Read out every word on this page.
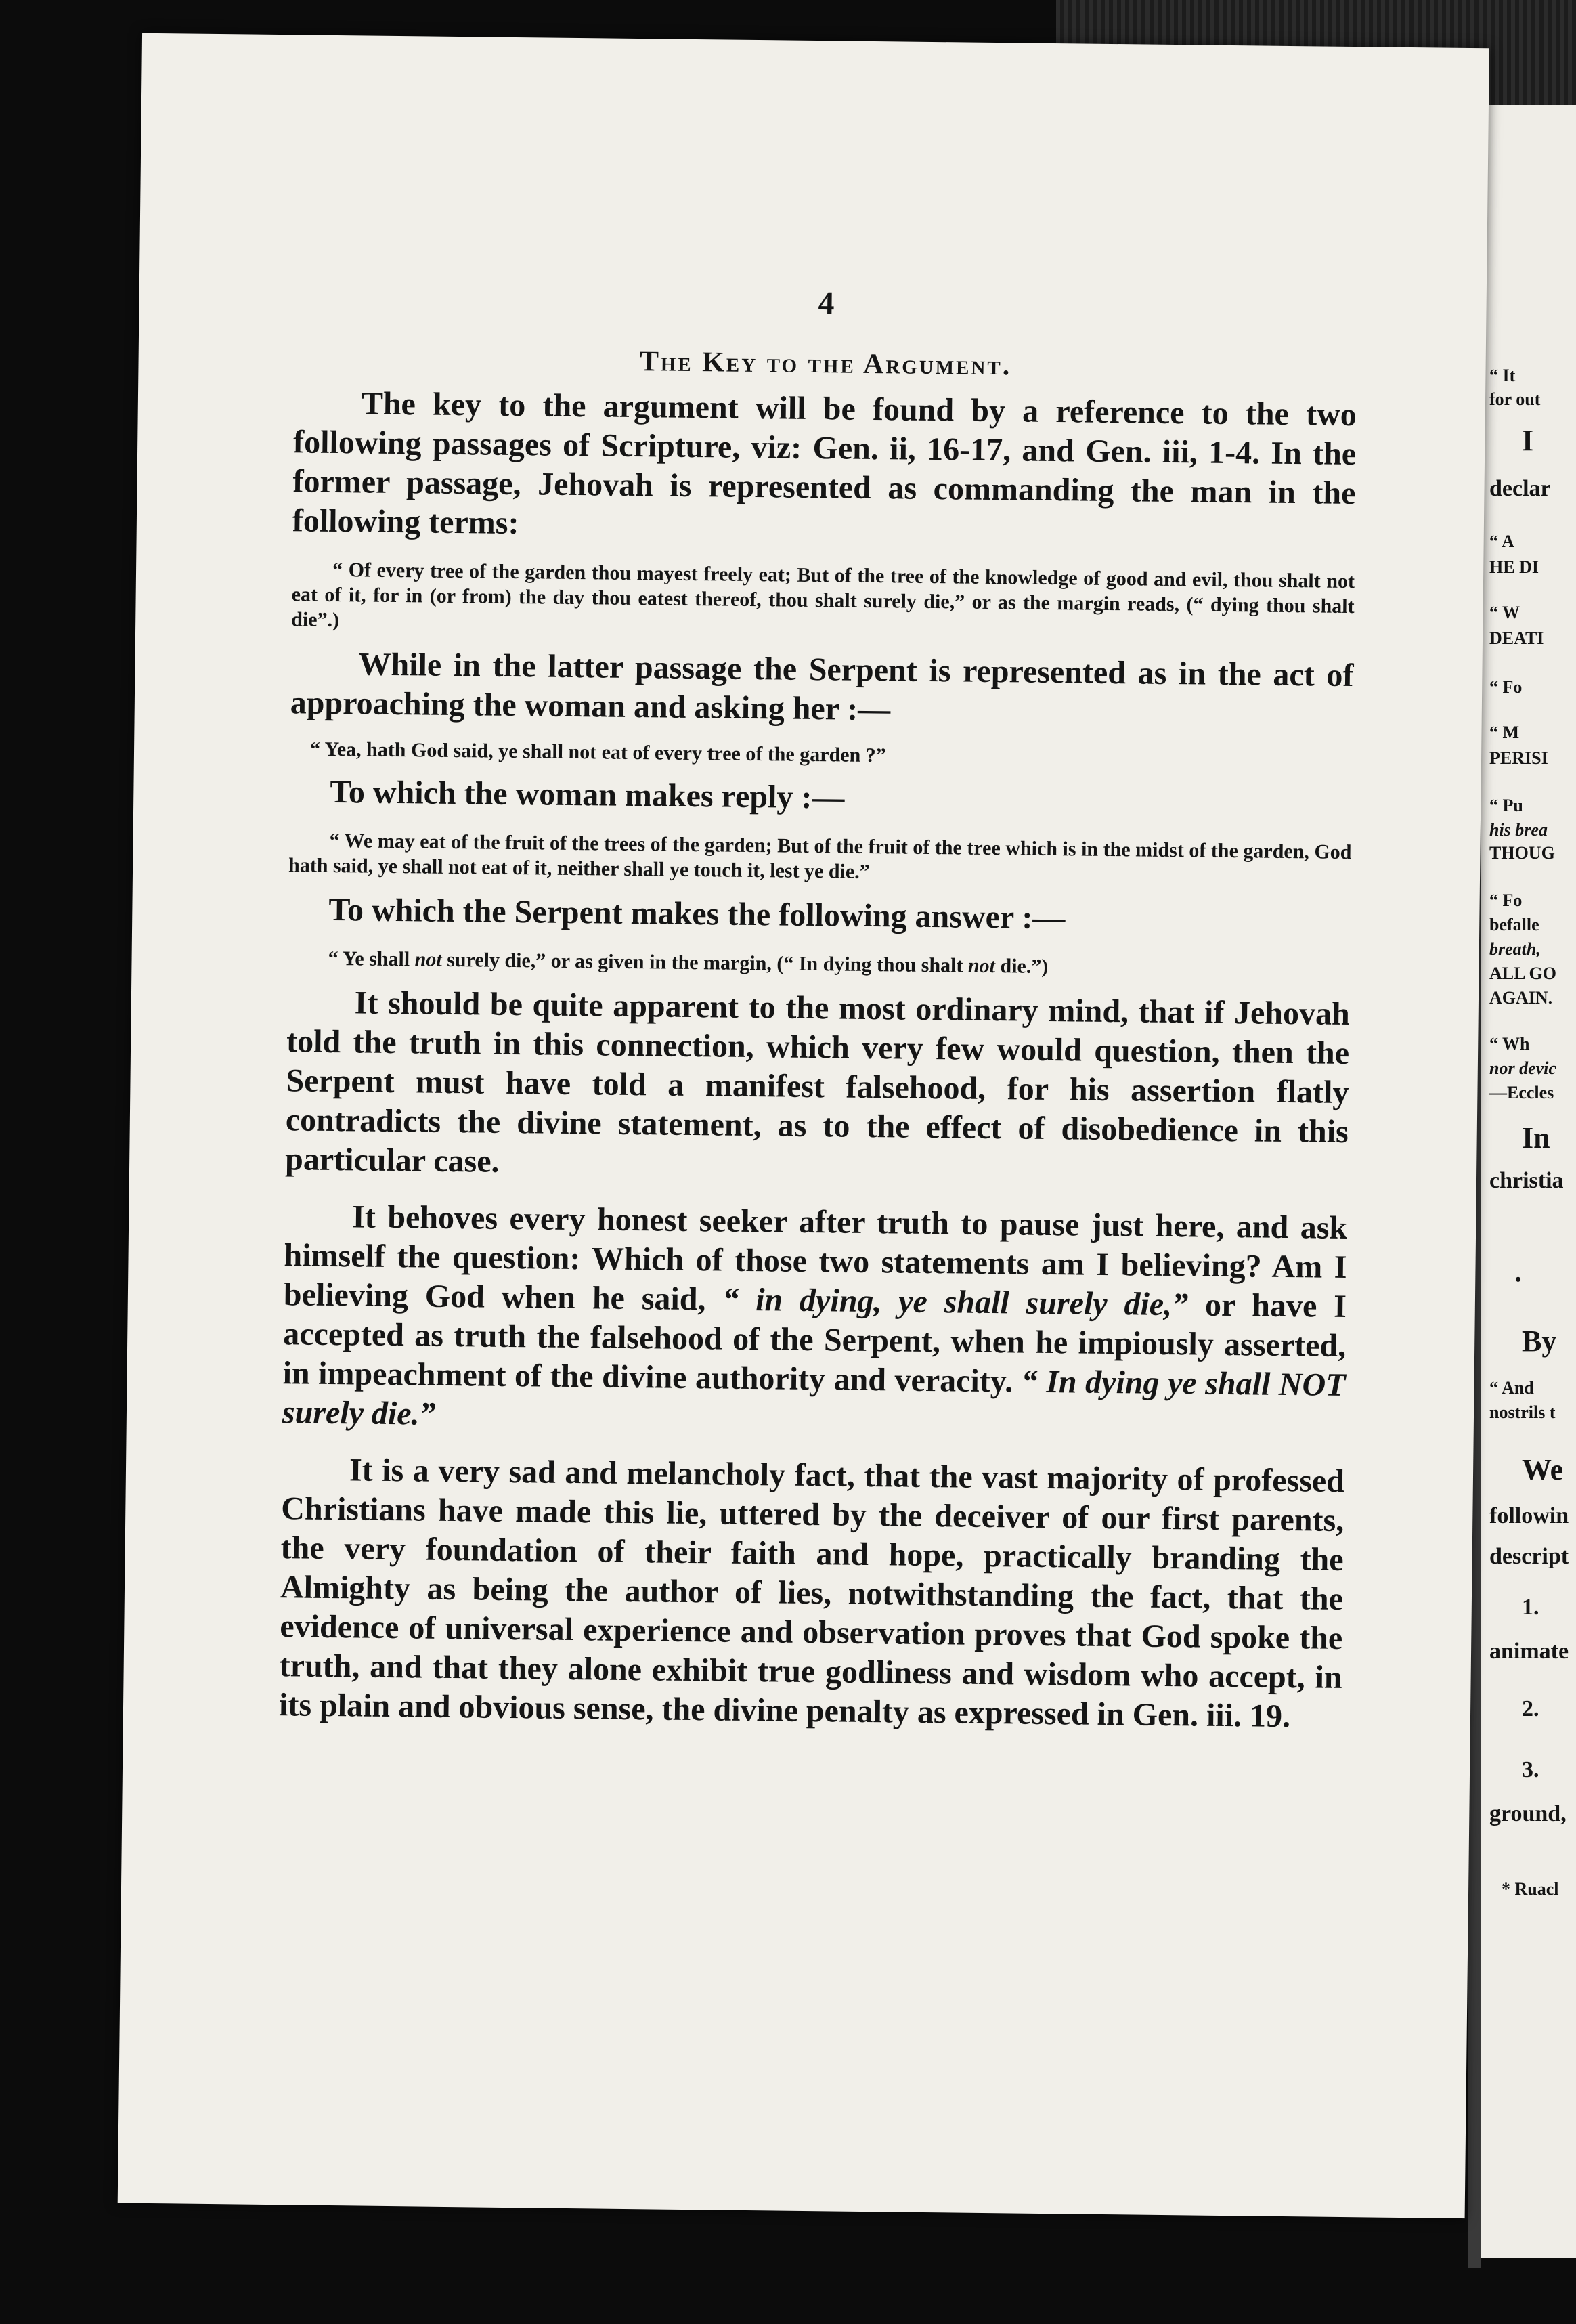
“ It
for out
I
declar
“ A
HE DI
“ W
DEATI
“ Fo
“ M
PERISI
“ Pu
his brea
THOUG
“ Fo
befalle
breath,
ALL GO
AGAIN.
“ Wh
nor devic
—Eccles
In
christia
•
By
“ And
nostrils t
We
followin
descript
1.
animate
2.
3.
ground,
* Ruacl
4
The Key to the Argument.

The key to the argument will be found by a reference to the two following passages of Scripture, viz: Gen. ii, 16-17, and Gen. iii, 1-4. In the former passage, Jehovah is represented as commanding the man in the following terms:

“ Of every tree of the garden thou mayest freely eat; But of the tree of the knowledge of good and evil, thou shalt not eat of it, for in (or from) the day thou eatest thereof, thou shalt surely die,” or as the margin reads, (“ dying thou shalt die”.)

While in the latter passage the Serpent is represented as in the act of approaching the woman and asking her :—

“ Yea, hath God said, ye shall not eat of every tree of the garden ?”

To which the woman makes reply :—

“ We may eat of the fruit of the trees of the garden; But of the fruit of the tree which is in the midst of the garden, God hath said, ye shall not eat of it, neither shall ye touch it, lest ye die.”

To which the Serpent makes the following answer :—

“ Ye shall not surely die,” or as given in the margin, (“ In dying thou shalt not die.”)

It should be quite apparent to the most ordinary mind, that if Jehovah told the truth in this connection, which very few would question, then the Serpent must have told a manifest falsehood, for his assertion flatly contradicts the divine statement, as to the effect of disobedience in this particular case.

It behoves every honest seeker after truth to pause just here, and ask himself the question: Which of those two statements am I believing? Am I believing God when he said, “ in dying, ye shall surely die,” or have I accepted as truth the falsehood of the Serpent, when he impiously asserted, in impeachment of the divine authority and veracity. “ In dying ye shall NOT surely die.”

It is a very sad and melancholy fact, that the vast majority of professed Christians have made this lie, uttered by the deceiver of our first parents, the very foundation of their faith and hope, practically branding the Almighty as being the author of lies, notwithstanding the fact, that the evidence of universal experience and observation proves that God spoke the truth, and that they alone exhibit true godliness and wisdom who accept, in its plain and obvious sense, the divine penalty as expressed in Gen. iii. 19.
